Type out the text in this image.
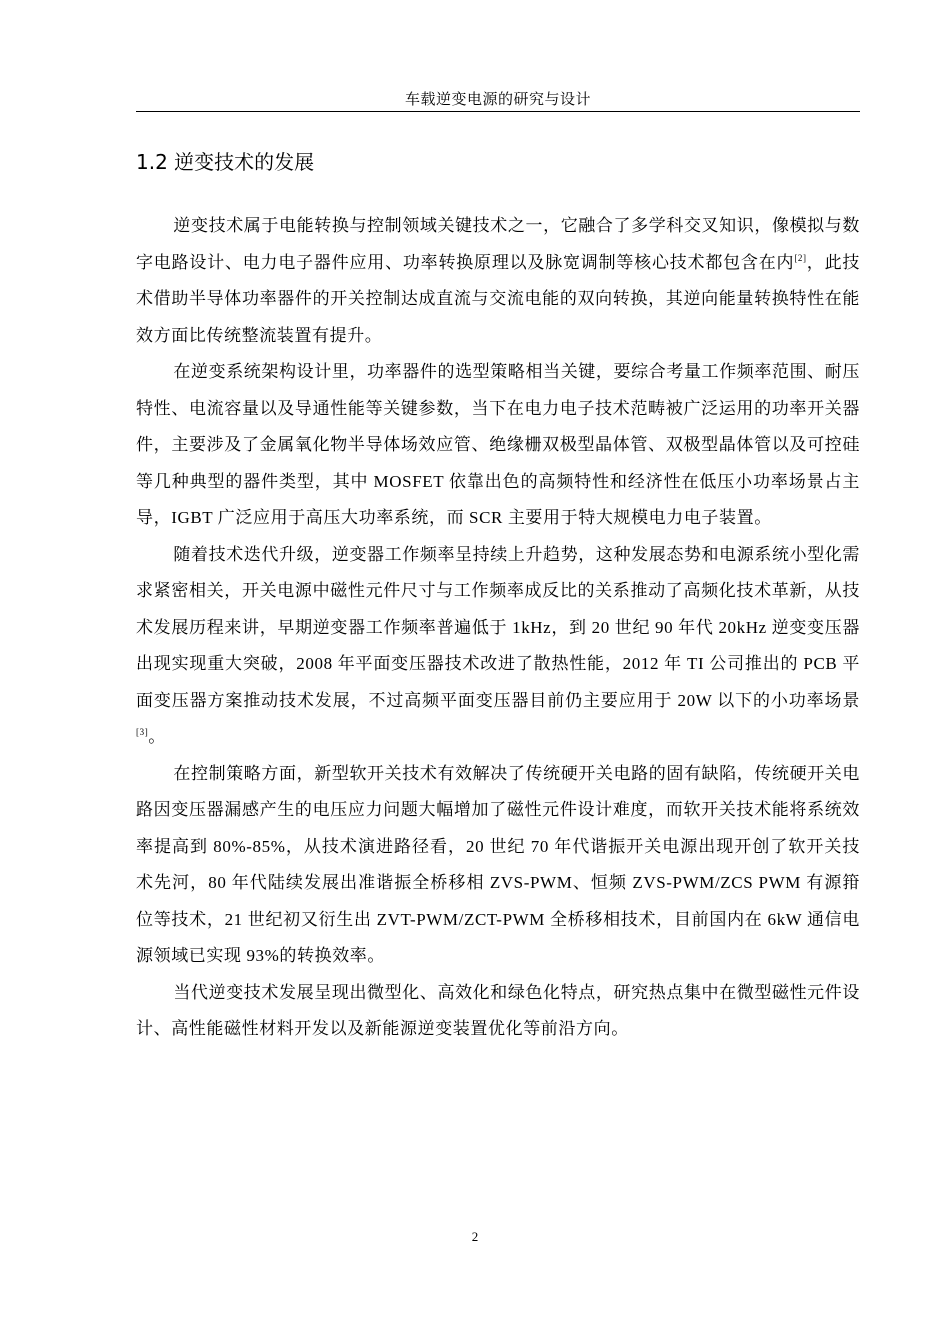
车载逆变电源的研究与设计
1.2 逆变技术的发展

逆变技术属于电能转换与控制领域关键技术之一，它融合了多学科交叉知识，像模拟与数字电路设计、电力电子器件应用、功率转换原理以及脉宽调制等核心技术都包含在内[2]，此技术借助半导体功率器件的开关控制达成直流与交流电能的双向转换，其逆向能量转换特性在能效方面比传统整流装置有提升。

在逆变系统架构设计里，功率器件的选型策略相当关键，要综合考量工作频率范围、耐压特性、电流容量以及导通性能等关键参数，当下在电力电子技术范畴被广泛运用的功率开关器件，主要涉及了金属氧化物半导体场效应管、绝缘栅双极型晶体管、双极型晶体管以及可控硅等几种典型的器件类型，其中 MOSFET 依靠出色的高频特性和经济性在低压小功率场景占主导，IGBT 广泛应用于高压大功率系统，而 SCR 主要用于特大规模电力电子装置。

随着技术迭代升级，逆变器工作频率呈持续上升趋势，这种发展态势和电源系统小型化需求紧密相关，开关电源中磁性元件尺寸与工作频率成反比的关系推动了高频化技术革新，从技术发展历程来讲，早期逆变器工作频率普遍低于 1kHz，到 20 世纪 90 年代 20kHz 逆变变压器出现实现重大突破，2008 年平面变压器技术改进了散热性能，2012 年 TI 公司推出的 PCB 平面变压器方案推动技术发展，不过高频平面变压器目前仍主要应用于 20W 以下的小功率场景[3]。

在控制策略方面，新型软开关技术有效解决了传统硬开关电路的固有缺陷，传统硬开关电路因变压器漏感产生的电压应力问题大幅增加了磁性元件设计难度，而软开关技术能将系统效率提高到 80%-85%，从技术演进路径看，20 世纪 70 年代谐振开关电源出现开创了软开关技术先河，80 年代陆续发展出准谐振全桥移相 ZVS-PWM、恒频 ZVS-PWM/ZCS PWM 有源箝位等技术，21 世纪初又衍生出 ZVT-PWM/ZCT-PWM 全桥移相技术，目前国内在 6kW 通信电源领域已实现 93%的转换效率。

当代逆变技术发展呈现出微型化、高效化和绿色化特点，研究热点集中在微型磁性元件设计、高性能磁性材料开发以及新能源逆变装置优化等前沿方向。

2
